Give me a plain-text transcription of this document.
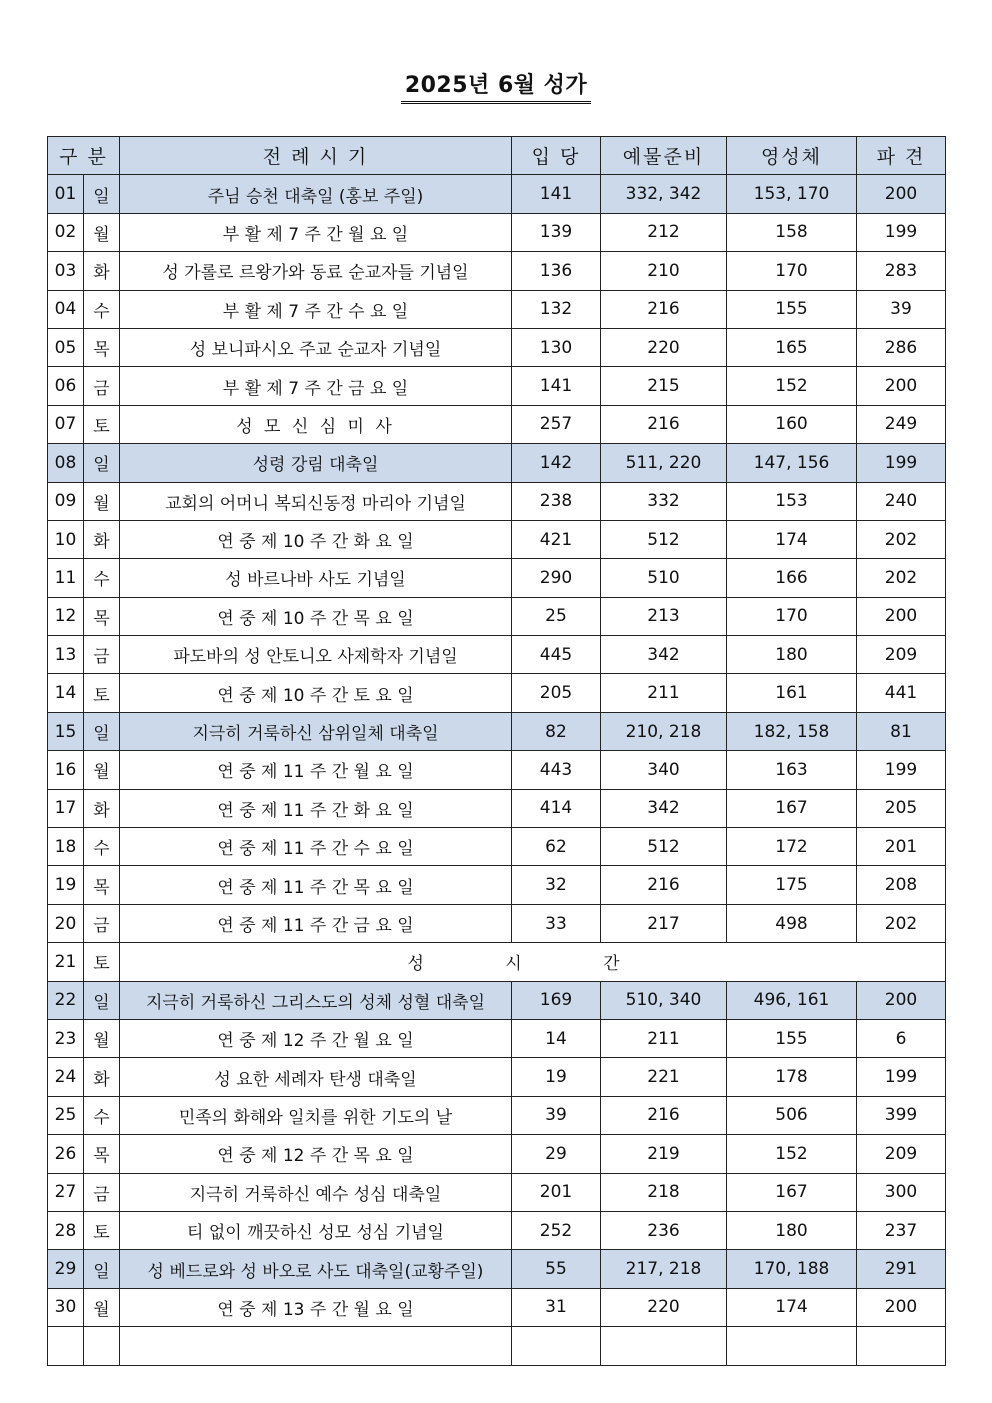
2025년 6월 성가
구 분		전 례 시 기	입 당	예물준비	영성체	파 견
01	일	주님 승천 대축일 (홍보 주일)	141	332, 342	153, 170	200
02	월	부 활 제 7 주 간 월 요 일	139	212	158	199
03	화	성 가롤로 르왕가와 동료 순교자들 기념일	136	210	170	283
04	수	부 활 제 7 주 간 수 요 일	132	216	155	39
05	목	성 보니파시오 주교 순교자 기념일	130	220	165	286
06	금	부 활 제 7 주 간 금 요 일	141	215	152	200
07	토	성 모 신 심 미 사	257	216	160	249
08	일	성령 강림 대축일	142	511, 220	147, 156	199
09	월	교회의 어머니 복되신동정 마리아 기념일	238	332	153	240
10	화	연 중 제 10 주 간 화 요 일	421	512	174	202
11	수	성 바르나바 사도 기념일	290	510	166	202
12	목	연 중 제 10 주 간 목 요 일	25	213	170	200
13	금	파도바의 성 안토니오 사제학자 기념일	445	342	180	209
14	토	연 중 제 10 주 간 토 요 일	205	211	161	441
15	일	지극히 거룩하신 삼위일체 대축일	82	210, 218	182, 158	81
16	월	연 중 제 11 주 간 월 요 일	443	340	163	199
17	화	연 중 제 11 주 간 화 요 일	414	342	167	205
18	수	연 중 제 11 주 간 수 요 일	62	512	172	201
19	목	연 중 제 11 주 간 목 요 일	32	216	175	208
20	금	연 중 제 11 주 간 금 요 일	33	217	498	202
21	토	성 시 간				
22	일	지극히 거룩하신 그리스도의 성체 성혈 대축일	169	510, 340	496, 161	200
23	월	연 중 제 12 주 간 월 요 일	14	211	155	6
24	화	성 요한 세례자 탄생 대축일	19	221	178	199
25	수	민족의 화해와 일치를 위한 기도의 날	39	216	506	399
26	목	연 중 제 12 주 간 목 요 일	29	219	152	209
27	금	지극히 거룩하신 예수 성심 대축일	201	218	167	300
28	토	티 없이 깨끗하신 성모 성심 기념일	252	236	180	237
29	일	성 베드로와 성 바오로 사도 대축일(교황주일)	55	217, 218	170, 188	291
30	월	연 중 제 13 주 간 월 요 일	31	220	174	200
